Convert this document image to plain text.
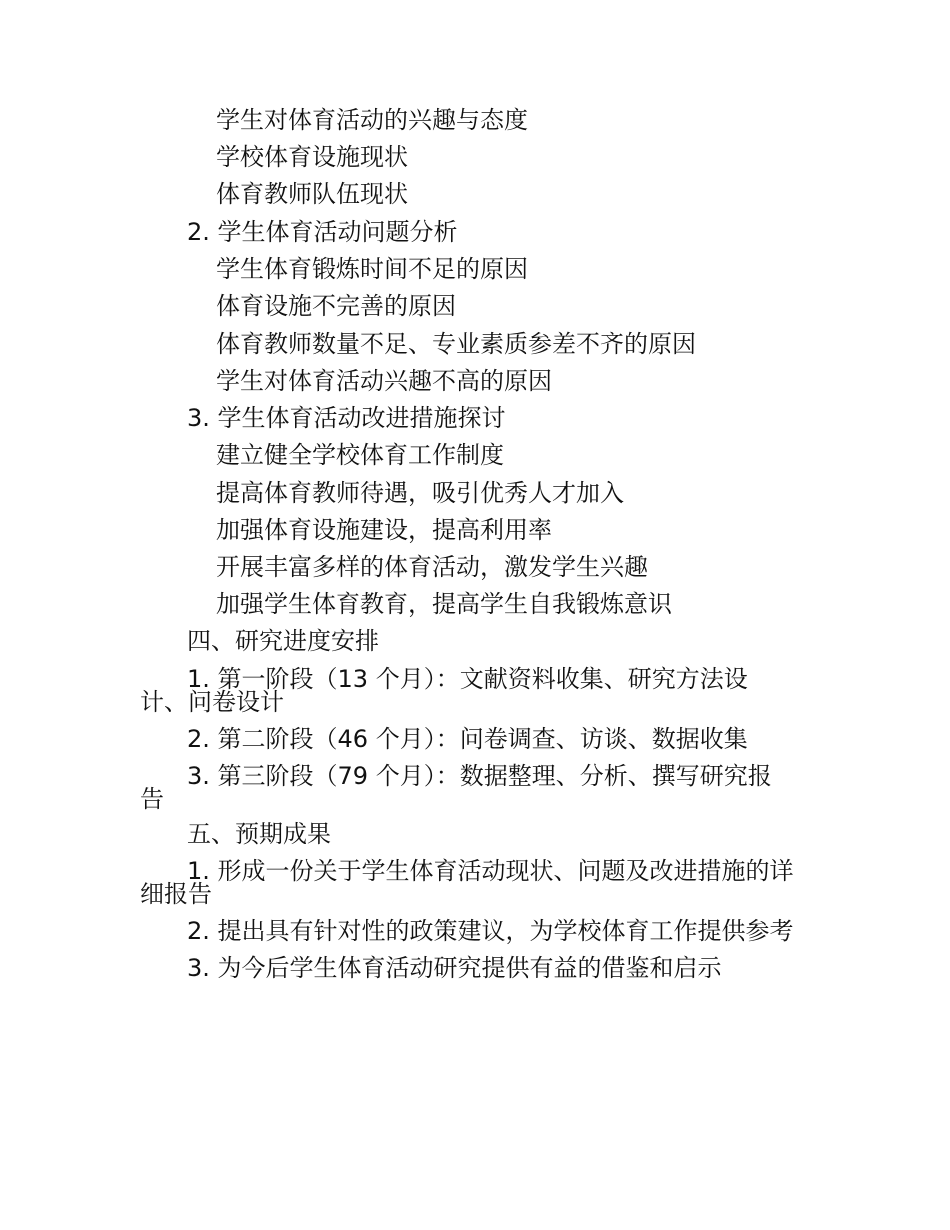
学生对体育活动的兴趣与态度
学校体育设施现状
体育教师队伍现状
2. 学生体育活动问题分析
学生体育锻炼时间不足的原因
体育设施不完善的原因
体育教师数量不足、专业素质参差不齐的原因
学生对体育活动兴趣不高的原因
3. 学生体育活动改进措施探讨
建立健全学校体育工作制度
提高体育教师待遇，吸引优秀人才加入
加强体育设施建设，提高利用率
开展丰富多样的体育活动，激发学生兴趣
加强学生体育教育，提高学生自我锻炼意识
四、研究进度安排
1. 第一阶段（13 个月）：文献资料收集、研究方法设
计、问卷设计
2. 第二阶段（46 个月）：问卷调查、访谈、数据收集
3. 第三阶段（79 个月）：数据整理、分析、撰写研究报
告
五、预期成果
1. 形成一份关于学生体育活动现状、问题及改进措施的详
细报告
2. 提出具有针对性的政策建议，为学校体育工作提供参考
3. 为今后学生体育活动研究提供有益的借鉴和启示
